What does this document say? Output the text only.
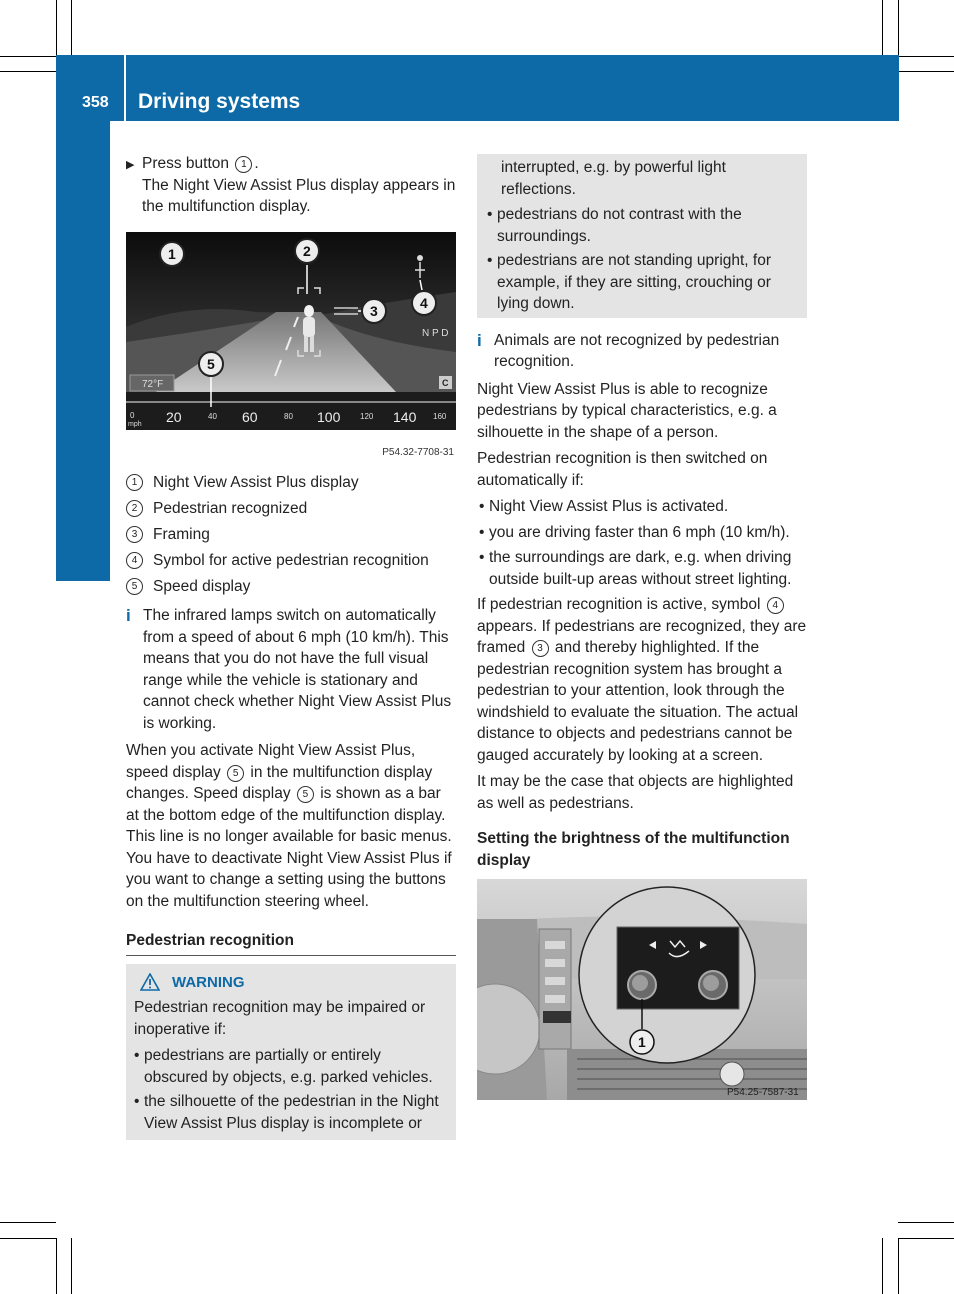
358 Driving systems
Driving and parking
▶ Press button 1 .
The Night View Assist Plus display appears in the multifunction display.
N P D
C
72°F
0
mph 20	40 60	80 100 120 140 160
1	2
3	4
5
P54.32-7708-31
1	Night View Assist Plus display
2	Pedestrian recognized
3	Framing
4	Symbol for active pedestrian recognition
5	Speed display
i The infrared lamps switch on automatically from a speed of about 6 mph (10 km/h). This means that you do not have the full visual range while the vehicle is stationary and cannot check whether Night View Assist Plus is working.

When you activate Night View Assist Plus, speed display 5 in the multifunction display changes. Speed display 5 is shown as a bar at the bottom edge of the multifunction display. This line is no longer available for basic menus. You have to deactivate Night View Assist Plus if you want to change a setting using the buttons on the multifunction steering wheel.

Pedestrian recognition
WARNING

Pedestrian recognition may be impaired or inoperative if:

• pedestrians are partially or entirely obscured by objects, e.g. parked vehicles.
• the silhouette of the pedestrian in the Night View Assist Plus display is incomplete or

interrupted, e.g. by powerful light reflections.

• pedestrians do not contrast with the surroundings.
• pedestrians are not standing upright, for example, if they are sitting, crouching or lying down.
i Animals are not recognized by pedestrian recognition.

Night View Assist Plus is able to recognize pedestrians by typical characteristics, e.g. a silhouette in the shape of a person.

Pedestrian recognition is then switched on automatically if:

• Night View Assist Plus is activated.
• you are driving faster than 6 mph (10 km/h).
• the surroundings are dark, e.g. when driving outside built-up areas without street lighting.

If pedestrian recognition is active, symbol 4 appears. If pedestrians are recognized, they are framed 3 and thereby highlighted. If the pedestrian recognition system has brought a pedestrian to your attention, look through the windshield to evaluate the situation. The actual distance to objects and pedestrians cannot be gauged accurately by looking at a screen.

It may be the case that objects are highlighted as well as pedestrians.

Setting the brightness of the multifunction display
1
P54.25-7587-31
